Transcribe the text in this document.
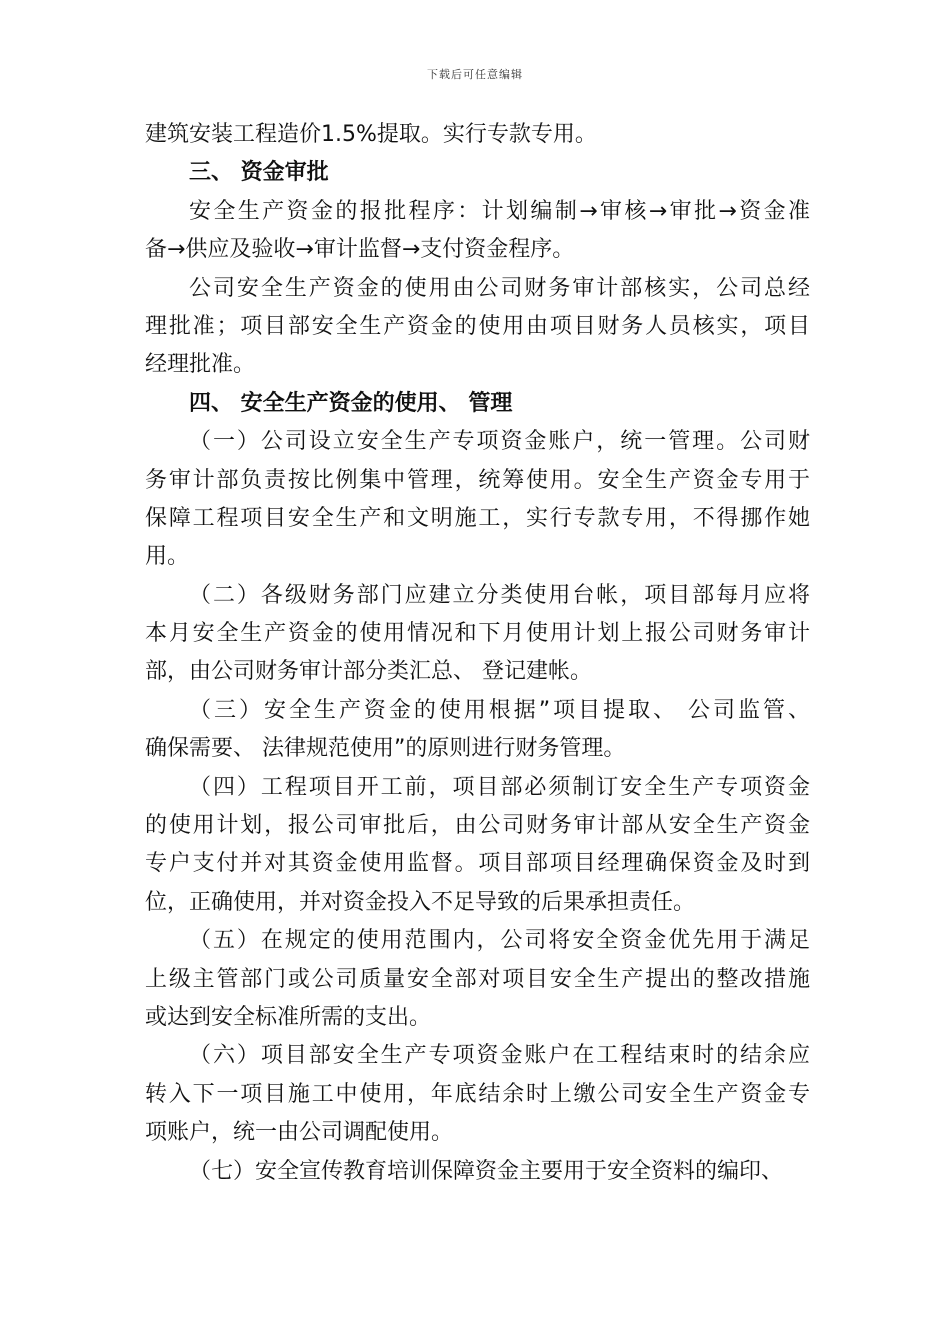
下载后可任意编辑
建筑安装工程造价1.5%提取。实行专款专用。
三、 资金审批
安全生产资金的报批程序：计划编制→审核→审批→资金准
备→供应及验收→审计监督→支付资金程序。
公司安全生产资金的使用由公司财务审计部核实，公司总经
理批准；项目部安全生产资金的使用由项目财务人员核实，项目
经理批准。
四、 安全生产资金的使用、 管理
（一）公司设立安全生产专项资金账户，统一管理。公司财
务审计部负责按比例集中管理，统筹使用。安全生产资金专用于
保障工程项目安全生产和文明施工，实行专款专用，不得挪作她
用。
（二）各级财务部门应建立分类使用台帐，项目部每月应将
本月安全生产资金的使用情况和下月使用计划上报公司财务审计
部，由公司财务审计部分类汇总、 登记建帐。
（三）安全生产资金的使用根据”项目提取、 公司监管、
确保需要、 法律规范使用”的原则进行财务管理。
（四）工程项目开工前，项目部必须制订安全生产专项资金
的使用计划，报公司审批后，由公司财务审计部从安全生产资金
专户支付并对其资金使用监督。项目部项目经理确保资金及时到
位，正确使用，并对资金投入不足导致的后果承担责任。
（五）在规定的使用范围内，公司将安全资金优先用于满足
上级主管部门或公司质量安全部对项目安全生产提出的整改措施
或达到安全标准所需的支出。
（六）项目部安全生产专项资金账户在工程结束时的结余应
转入下一项目施工中使用，年底结余时上缴公司安全生产资金专
项账户，统一由公司调配使用。
（七）安全宣传教育培训保障资金主要用于安全资料的编印、
